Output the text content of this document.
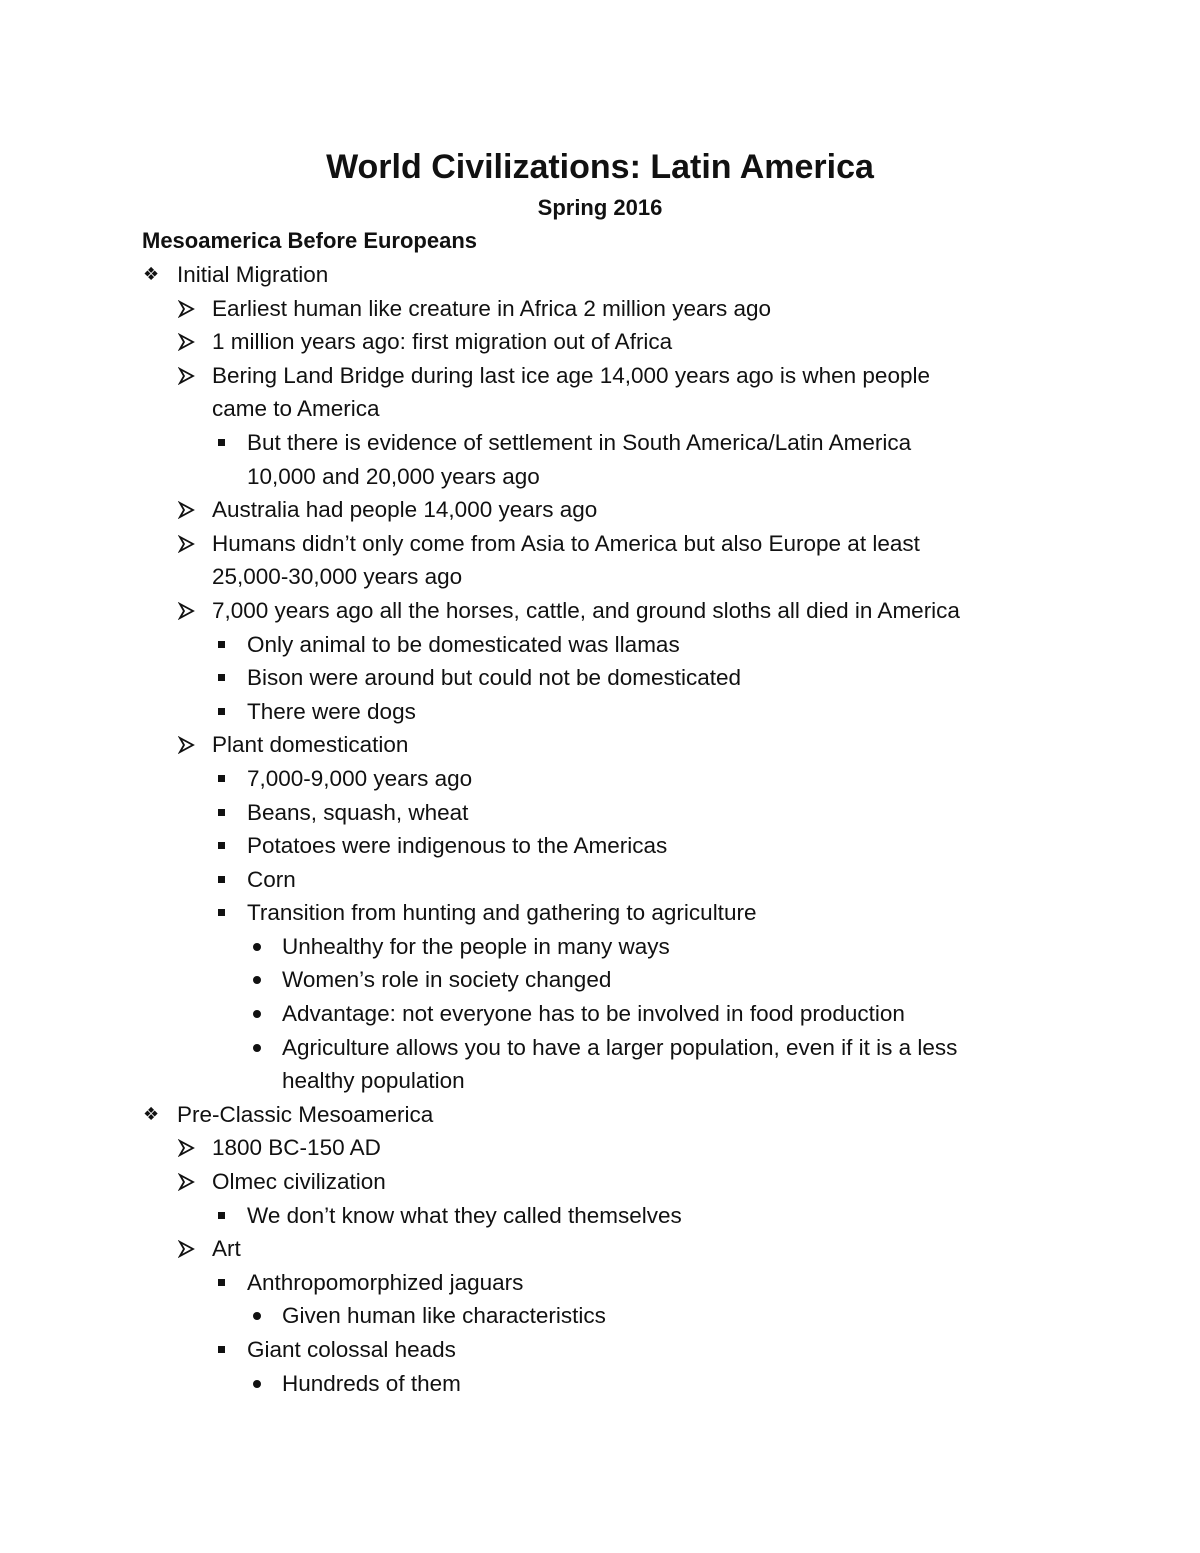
World Civilizations: Latin America
Spring 2016
Mesoamerica Before Europeans
❖ Initial Migration
Earliest human like creature in Africa 2 million years ago
1 million years ago: first migration out of Africa
Bering Land Bridge during last ice age 14,000 years ago is when people
came to America
But there is evidence of settlement in South America/Latin America
10,000 and 20,000 years ago
Australia had people 14,000 years ago
Humans didn’t only come from Asia to America but also Europe at least
25,000-30,000 years ago
7,000 years ago all the horses, cattle, and ground sloths all died in America
Only animal to be domesticated was llamas
Bison were around but could not be domesticated
There were dogs
Plant domestication
7,000-9,000 years ago
Beans, squash, wheat
Potatoes were indigenous to the Americas
Corn
Transition from hunting and gathering to agriculture
Unhealthy for the people in many ways
Women’s role in society changed
Advantage: not everyone has to be involved in food production
Agriculture allows you to have a larger population, even if it is a less
healthy population
❖ Pre-Classic Mesoamerica
1800 BC-150 AD
Olmec civilization
We don’t know what they called themselves
Art
Anthropomorphized jaguars
Given human like characteristics
Giant colossal heads
Hundreds of them
